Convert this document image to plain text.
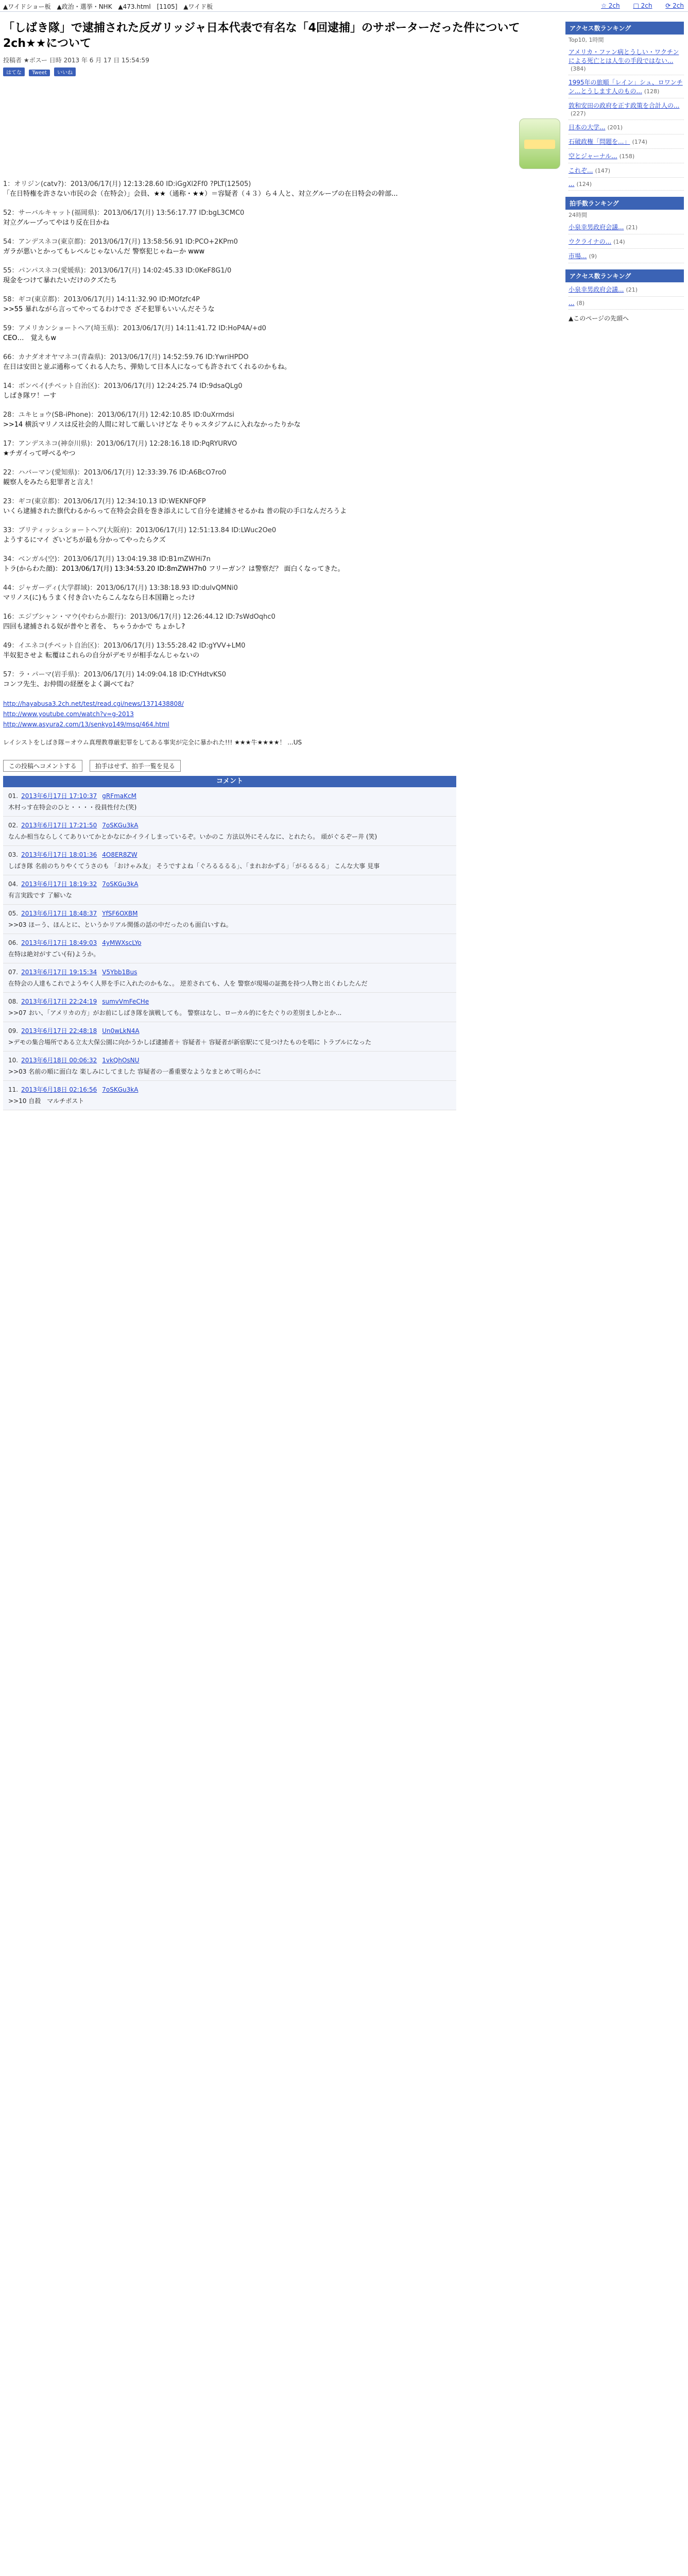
▲ワイドショー板 ▲政治・選挙・NHK ▲473.html [1105] ▲ワイド板	☆ 2ch □ 2ch ⟳ 2ch
「しばき隊」で逮捕された反ガリッジャ日本代表で有名な「4回逮捕」のサポーターだった件について　2ch★★について
投稿者 ★ボスー 日時 2013 年 6 月 17 日 15:54:59
はてな Tweet いいね
1：オリジン(catv?)：2013/06/17(月) 12:13:28.60 ID:iGgXl2Ff0 ?PLT(12505)
「在日特権を許さない市民の会（在特会）」会員、★★（通称・★★）＝容疑者（４３）ら４人と、対立グループの在日特会の幹部...
52：サーバルキャット(福岡県)：2013/06/17(月) 13:56:17.77 ID:bgL3CMC0
対立グループってやはり反在日かね
54：アンデスネコ(東京都)：2013/06/17(月) 13:58:56.91 ID:PCO+2KPm0
ガラが悪いとかってもレベルじゃないんだ 警察犯じゃねーか www
55：パンパスネコ(愛媛県)：2013/06/17(月) 14:02:45.33 ID:0KeF8G1/0
現金をつけて暴れたいだけのクズたち
58：ギコ(東京都)：2013/06/17(月) 14:11:32.90 ID:MOfzfc4P
>>55 暴れながら言ってやってるわけでさ ざそ犯罪もいいんだそうな
59：アメリカンショートヘア(埼玉県)：2013/06/17(月) 14:11:41.72 ID:HoP4A/+d0
CEO…　覚えもw
66：カナダオオヤマネコ(青森県)：2013/06/17(月) 14:52:59.76 ID:YwriHPDO
在日は安田と並ぶ通称ってくれる人たち、弾劾して日本人になっても許されてくれるのかもね。
14：ボンベイ(チベット自治区)：2013/06/17(月) 12:24:25.74 ID:9dsaQLg0
しばき隊ワ！ーす
28：ユキヒョウ(SB-iPhone)：2013/06/17(月) 12:42:10.85 ID:0uXrmdsi
>>14 横浜マリノスは反社会的人間に対して厳しいけどな そりゃスタジアムに入れなかったりかな
17：アンデスネコ(神奈川県)：2013/06/17(月) 12:28:16.18 ID:PqRYURVO
★チガイって呼べるやつ
22：ハバーマン(愛知県)：2013/06/17(月) 12:33:39.76 ID:A6BcO7ro0
観察人をみたら犯罪者と言え！
23：ギコ(東京都)：2013/06/17(月) 12:34:10.13 ID:WEKNFQFP
いくら逮捕された旗代わるからって在特会会員を巻き添えにして自分を逮捕させるかね 普の院の手口なんだろうよ
33：ブリティッシュショートヘア(大阪府)：2013/06/17(月) 12:51:13.84 ID:LWuc2Oe0
ようするにマイ ざいどちが最も分かってやったらクズ
34：ベンガル(空)：2013/06/17(月) 13:04:19.38 ID:B1mZWHi7n
トラ(からわた顔)：2013/06/17(月) 13:34:53.20 ID:8mZWH7h0 フリーガン？は警察だ？ 面白くなってきた。
44：ジャガーディ(大学群域)：2013/06/17(月) 13:38:18.93 ID:dulvQMNi0
マリノス(に)もうまく付き合いたらこんななら日本国籍とったけ
16：エジプシャン・マウ(やわらか銀行)：2013/06/17(月) 12:26:44.12 ID:7sWdOqhc0
四回も逮捕される奴が普やと者を、 ちゃうかかで ちょかし?
49：イエネコ(チベット自治区)：2013/06/17(月) 13:55:28.42 ID:gYVV+LM0
半奴犯させよ 転覆はこれらの自分がデモリが相手なんじゃないの
57：ラ・パーマ(岩手県)：2013/06/17(月) 14:09:04.18 ID:CYHdtvKS0
コンフ先生、お仲間の経歴をよく調べてね？
http://hayabusa3.2ch.net/test/read.cgi/news/1371438808/
http://www.youtube.com/watch?v=g-2013
http://www.asyura2.com/13/senkyo149/msg/464.html
レイシストをしばき隊＝オウム真理教尊厳犯罪をしてある事実が完全に暴かれた!!! ★★★牛★★★★！ ...US
この投稿へコメントする	拍手はせず、拍手一覧を見る
コメント
01. 2013年6月17日 17:10:37 gRFmaKcM
木村っす在特会のひと・・・・役員性付た(笑)
02. 2013年6月17日 17:21:50 7oSKGu3kA
なんか相当ならしくてありいてかとかなにかイライしまっているぞ。いかのこ 方法以外にそんなに、とれたら。 頑がぐるぞー井 (笑)
03. 2013年6月17日 18:01:36 4O8ER8ZW
しばき隊 名前のちりやくてうさのも 「おけゃみ友」 そうですよね「ぐろるるるる」、「まれおかずる」「がるるるる」 こんな大事 見事
04. 2013年6月17日 18:19:32 7oSKGu3kA
有言実践です 了解いな
05. 2013年6月17日 18:48:37 YfSF6OXBM
>>03 ほーう、ほんとに、というかリアル関係の話の中だったのも面白いすね。
06. 2013年6月17日 18:49:03 4yMWXscLYo
在特は絶対がすごい(有)ようか。
07. 2013年6月17日 19:15:34 V5Ybb1Bus
在特会の人達もこれでようやく人界を手に入れたのかもな、。 逆差されても、人を 警察が現場の証拠を持つ人物と出くわしたんだ
08. 2013年6月17日 22:24:19 sumvVmFeCHe
>>07 おい、「アメリカの方」がお前にしばき隊を演戦しても。 警察はなし、ローカル的にをたぐりの差別ましかとか...
09. 2013年6月17日 22:48:18 Un0wLkN4A
>デモの集合場所である立太大保公園に向かうかしば逮捕者＋ 容疑者＋ 容疑者が新宿駅にて見つけたものを唱に トラブルになった
10. 2013年6月18日 00:06:32 1vkQhOsNU
>>03 名前の順に面白な 楽しみにしてました 容疑者の一番重要なようなまとめて明らかに
11. 2013年6月18日 02:16:56 7oSKGu3kA
>>10 自殺　マルチポスト
アクセス数ランキング
Top10, 1時間
アメリカ・ファン病とうしい・ワクチンによる死亡とは人生の手段ではない...(384)
1995年の旅順「レイン」シュ、ロワンチン...とうします人のもの... (128)
敦和安田の政府を正す政策を合計人の...(227)
日本の大学... (201)
石破政権「問題を...」 (174)
空とジャーナル... (158)
これぞ... (147)
... (124)
拍手数ランキング
24時間
小泉幸男政府会議... (21)
ウクライナの... (14)
市場... (9)
アクセス数ランキング
小泉幸男政府会議... (21)
... (8)
▲このページの先頭へ
